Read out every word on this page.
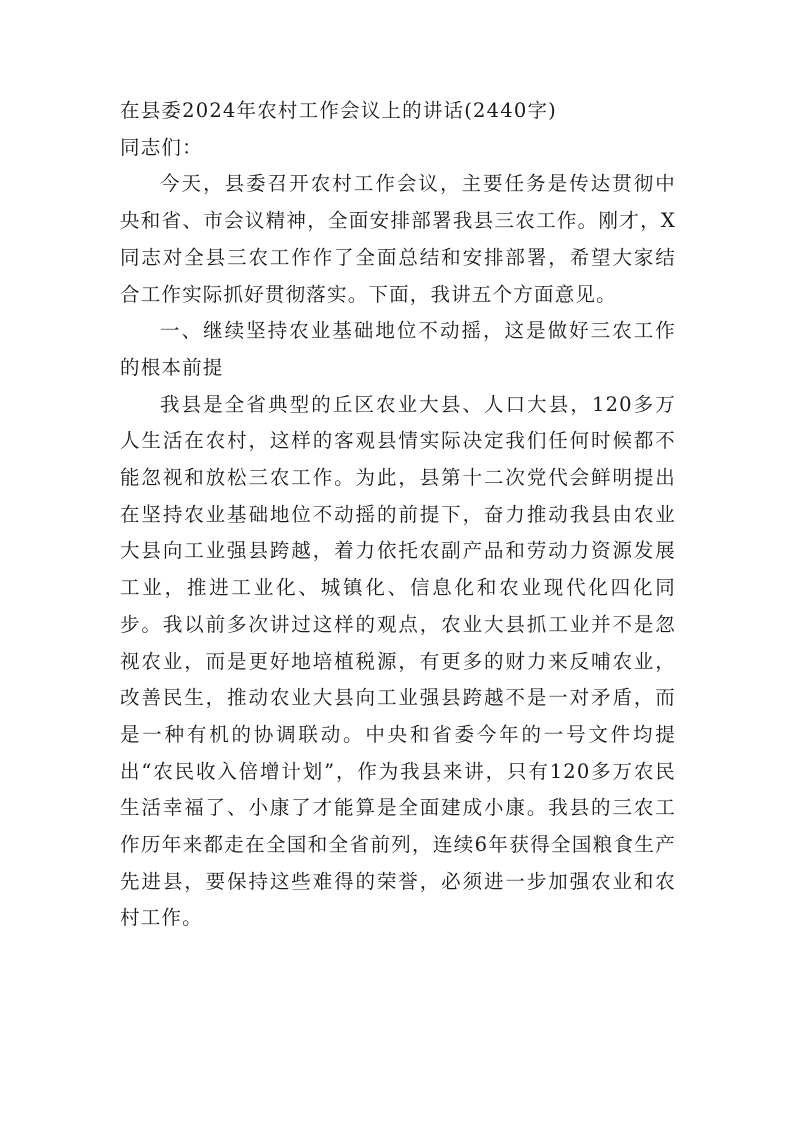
在县委2024年农村工作会议上的讲话(2440字)

同志们：

今天，县委召开农村工作会议，主要任务是传达贯彻中央和省、市会议精神，全面安排部署我县三农工作。刚才，X同志对全县三农工作作了全面总结和安排部署，希望大家结合工作实际抓好贯彻落实。下面，我讲五个方面意见。

一、继续坚持农业基础地位不动摇，这是做好三农工作的根本前提

我县是全省典型的丘区农业大县、人口大县，120多万人生活在农村，这样的客观县情实际决定我们任何时候都不能忽视和放松三农工作。为此，县第十二次党代会鲜明提出在坚持农业基础地位不动摇的前提下，奋力推动我县由农业大县向工业强县跨越，着力依托农副产品和劳动力资源发展工业，推进工业化、城镇化、信息化和农业现代化四化同步。我以前多次讲过这样的观点，农业大县抓工业并不是忽视农业，而是更好地培植税源，有更多的财力来反哺农业，改善民生，推动农业大县向工业强县跨越不是一对矛盾，而是一种有机的协调联动。中央和省委今年的一号文件均提出“农民收入倍增计划”，作为我县来讲，只有120多万农民生活幸福了、小康了才能算是全面建成小康。我县的三农工作历年来都走在全国和全省前列，连续6年获得全国粮食生产先进县，要保持这些难得的荣誉，必须进一步加强农业和农村工作。
